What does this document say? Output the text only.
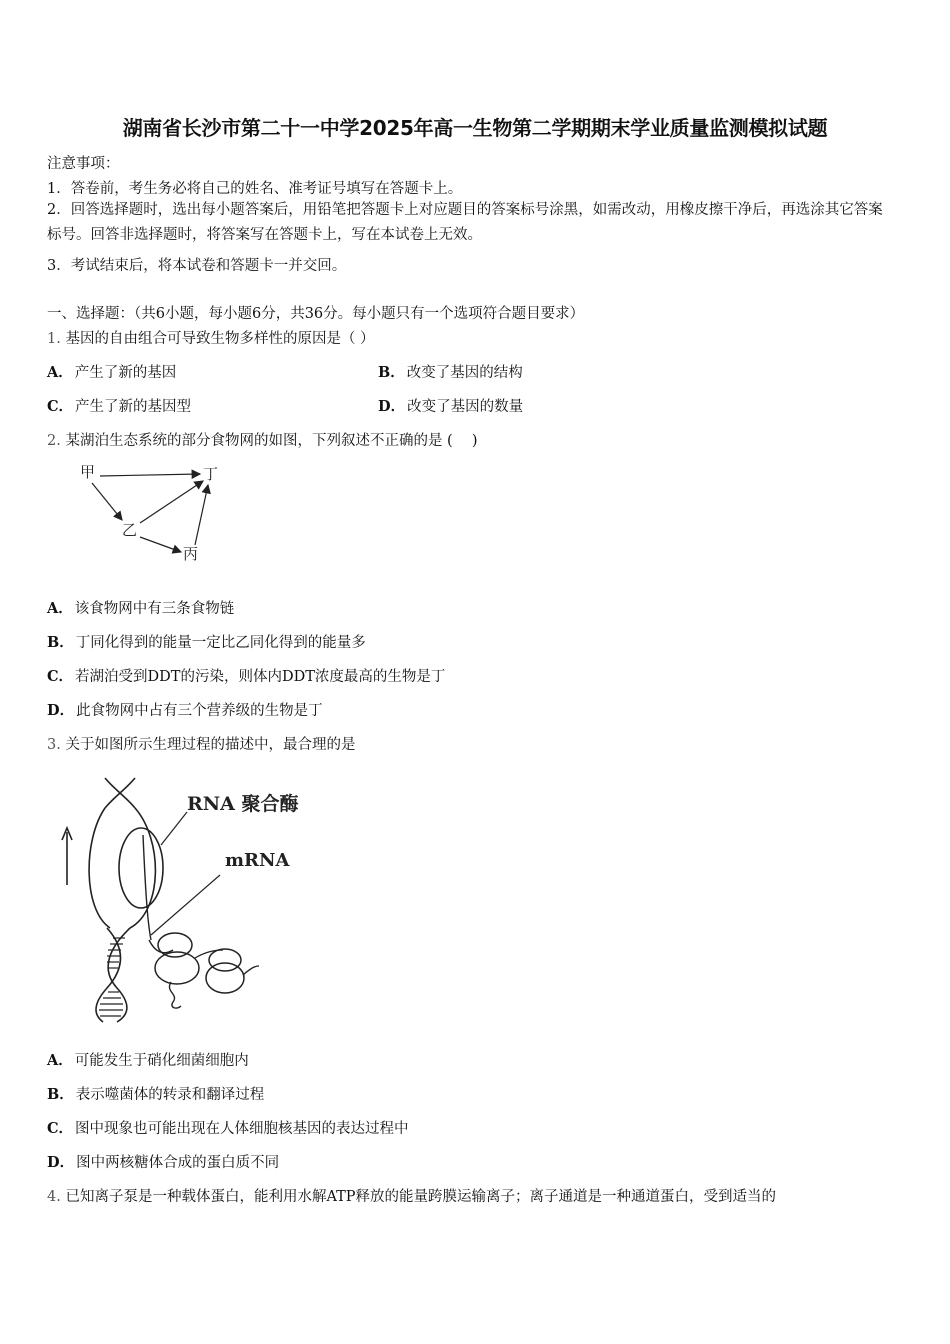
湖南省长沙市第二十一中学2025年高一生物第二学期期末学业质量监测模拟试题
注意事项：
1．答卷前，考生务必将自己的姓名、准考证号填写在答题卡上。
2．回答选择题时，选出每小题答案后，用铅笔把答题卡上对应题目的答案标号涂黑，如需改动，用橡皮擦干净后，再选涂其它答案标号。回答非选择题时，将答案写在答题卡上，写在本试卷上无效。
3．考试结束后，将本试卷和答题卡一并交回。
一、选择题：（共6小题，每小题6分，共36分。每小题只有一个选项符合题目要求）
1. 基因的自由组合可导致生物多样性的原因是（ ）
A． 产生了新的基因	B． 改变了基因的结构
C． 产生了新的基因型	D． 改变了基因的数量
2. 某湖泊生态系统的部分食物网的如图，下列叙述不正确的是 (　 )
甲	丁
乙
丙
A． 该食物网中有三条食物链
B． 丁同化得到的能量一定比乙同化得到的能量多
C． 若湖泊受到DDT的污染，则体内DDT浓度最高的生物是丁
D． 此食物网中占有三个营养级的生物是丁
3. 关于如图所示生理过程的描述中，最合理的是
RNA 聚合酶
mRNA
A． 可能发生于硝化细菌细胞内
B． 表示噬菌体的转录和翻译过程
C． 图中现象也可能出现在人体细胞核基因的表达过程中
D． 图中两核糖体合成的蛋白质不同
4. 已知离子泵是一种载体蛋白，能利用水解ATP释放的能量跨膜运输离子；离子通道是一种通道蛋白，受到适当的
